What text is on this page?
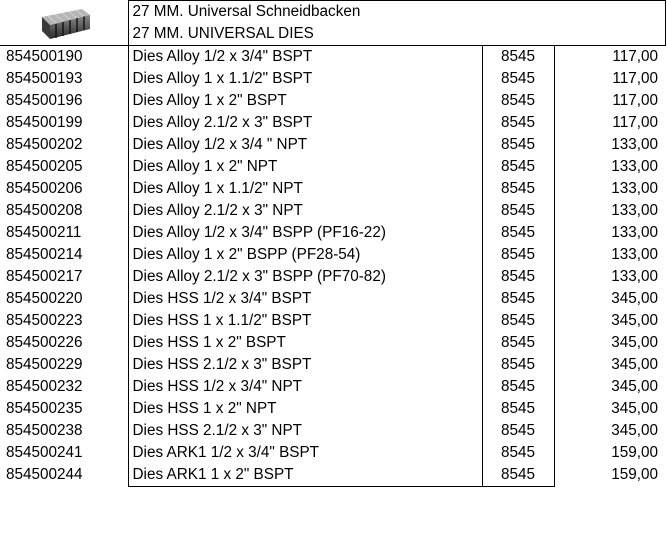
	27 MM. Universal Schneidbacken		
	27 MM. UNIVERSAL DIES		
854500190	Dies Alloy 1/2 x 3/4" BSPT	8545	117,00
854500193	Dies Alloy 1 x 1.1/2" BSPT	8545	117,00
854500196	Dies Alloy 1 x 2" BSPT	8545	117,00
854500199	Dies Alloy 2.1/2 x 3" BSPT	8545	117,00
854500202	Dies Alloy 1/2 x 3/4 " NPT	8545	133,00
854500205	Dies Alloy 1 x 2" NPT	8545	133,00
854500206	Dies Alloy 1 x 1.1/2" NPT	8545	133,00
854500208	Dies Alloy 2.1/2 x 3" NPT	8545	133,00
854500211	Dies Alloy 1/2 x 3/4" BSPP (PF16-22)	8545	133,00
854500214	Dies Alloy 1 x 2" BSPP (PF28-54)	8545	133,00
854500217	Dies Alloy 2.1/2 x 3" BSPP (PF70-82)	8545	133,00
854500220	Dies HSS 1/2 x 3/4" BSPT	8545	345,00
854500223	Dies HSS 1 x 1.1/2" BSPT	8545	345,00
854500226	Dies HSS 1 x 2" BSPT	8545	345,00
854500229	Dies HSS 2.1/2 x 3" BSPT	8545	345,00
854500232	Dies HSS 1/2 x 3/4" NPT	8545	345,00
854500235	Dies HSS 1 x 2" NPT	8545	345,00
854500238	Dies HSS 2.1/2 x 3" NPT	8545	345,00
854500241	Dies ARK1 1/2 x 3/4" BSPT	8545	159,00
854500244	Dies ARK1 1 x 2" BSPT	8545	159,00
